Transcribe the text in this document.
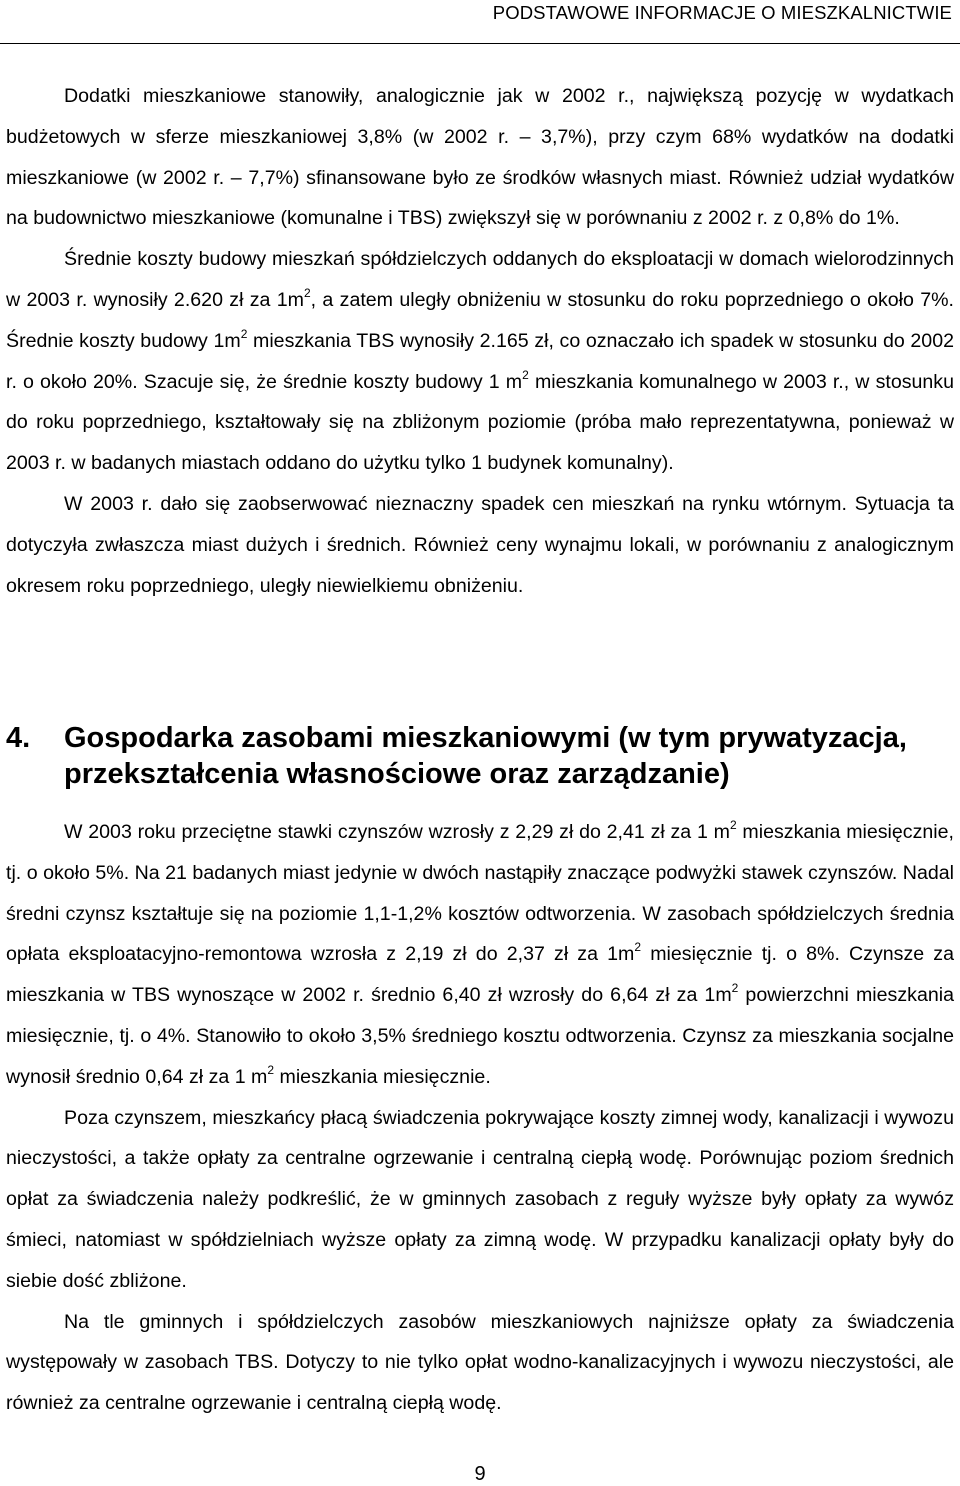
PODSTAWOWE INFORMACJE O MIESZKALNICTWIE

Dodatki mieszkaniowe stanowiły, analogicznie jak w 2002 r., największą pozycję w wydatkach budżetowych w sferze mieszkaniowej 3,8% (w 2002 r. – 3,7%), przy czym 68% wydatków na dodatki mieszkaniowe (w 2002 r. – 7,7%) sfinansowane było ze środków własnych miast. Również udział wydatków na budownictwo mieszkaniowe (komunalne i TBS) zwiększył się w porównaniu z 2002 r. z 0,8% do 1%.

Średnie koszty budowy mieszkań spółdzielczych oddanych do eksploatacji w domach wielorodzinnych w 2003 r. wynosiły 2.620 zł za $1m^2$, a zatem uległy obniżeniu w stosunku do roku poprzedniego o około 7%. Średnie koszty budowy $1m^2$ mieszkania TBS wynosiły 2.165 zł, co oznaczało ich spadek w stosunku do 2002 r. o około 20%. Szacuje się, że średnie koszty budowy 1 $m^2$ mieszkania komunalnego w 2003 r., w stosunku do roku poprzedniego, kształtowały się na zbliżonym poziomie (próba mało reprezentatywna, ponieważ w 2003 r. w badanych miastach oddano do użytku tylko 1 budynek komunalny).

W 2003 r. dało się zaobserwować nieznaczny spadek cen mieszkań na rynku wtórnym. Sytuacja ta dotyczyła zwłaszcza miast dużych i średnich. Również ceny wynajmu lokali, w porównaniu z analogicznym okresem roku poprzedniego, uległy niewielkiemu obniżeniu.

4. Gospodarka zasobami mieszkaniowymi (w tym prywatyzacja, przekształcenia własnościowe oraz zarządzanie)

W 2003 roku przeciętne stawki czynszów wzrosły z 2,29 zł do 2,41 zł za 1 $m^2$ mieszkania miesięcznie, tj. o około 5%. Na 21 badanych miast jedynie w dwóch nastąpiły znaczące podwyżki stawek czynszów. Nadal średni czynsz kształtuje się na poziomie 1,1-1,2% kosztów odtworzenia. W zasobach spółdzielczych średnia opłata eksploatacyjno-remontowa wzrosła z 2,19 zł do 2,37 zł za $1m^2$ miesięcznie tj. o 8%. Czynsze za mieszkania w TBS wynoszące w 2002 r. średnio 6,40 zł wzrosły do 6,64 zł za $1m^2$ powierzchni mieszkania miesięcznie, tj. o 4%. Stanowiło to około 3,5% średniego kosztu odtworzenia. Czynsz za mieszkania socjalne wynosił średnio 0,64 zł za 1 $m^2$ mieszkania miesięcznie.

Poza czynszem, mieszkańcy płacą świadczenia pokrywające koszty zimnej wody, kanalizacji i wywozu nieczystości, a także opłaty za centralne ogrzewanie i centralną ciepłą wodę. Porównując poziom średnich opłat za świadczenia należy podkreślić, że w gminnych zasobach z reguły wyższe były opłaty za wywóz śmieci, natomiast w spółdzielniach wyższe opłaty za zimną wodę. W przypadku kanalizacji opłaty były do siebie dość zbliżone.

Na tle gminnych i spółdzielczych zasobów mieszkaniowych najniższe opłaty za świadczenia występowały w zasobach TBS. Dotyczy to nie tylko opłat wodno-kanalizacyjnych i wywozu nieczystości, ale również za centralne ogrzewanie i centralną ciepłą wodę.

9
